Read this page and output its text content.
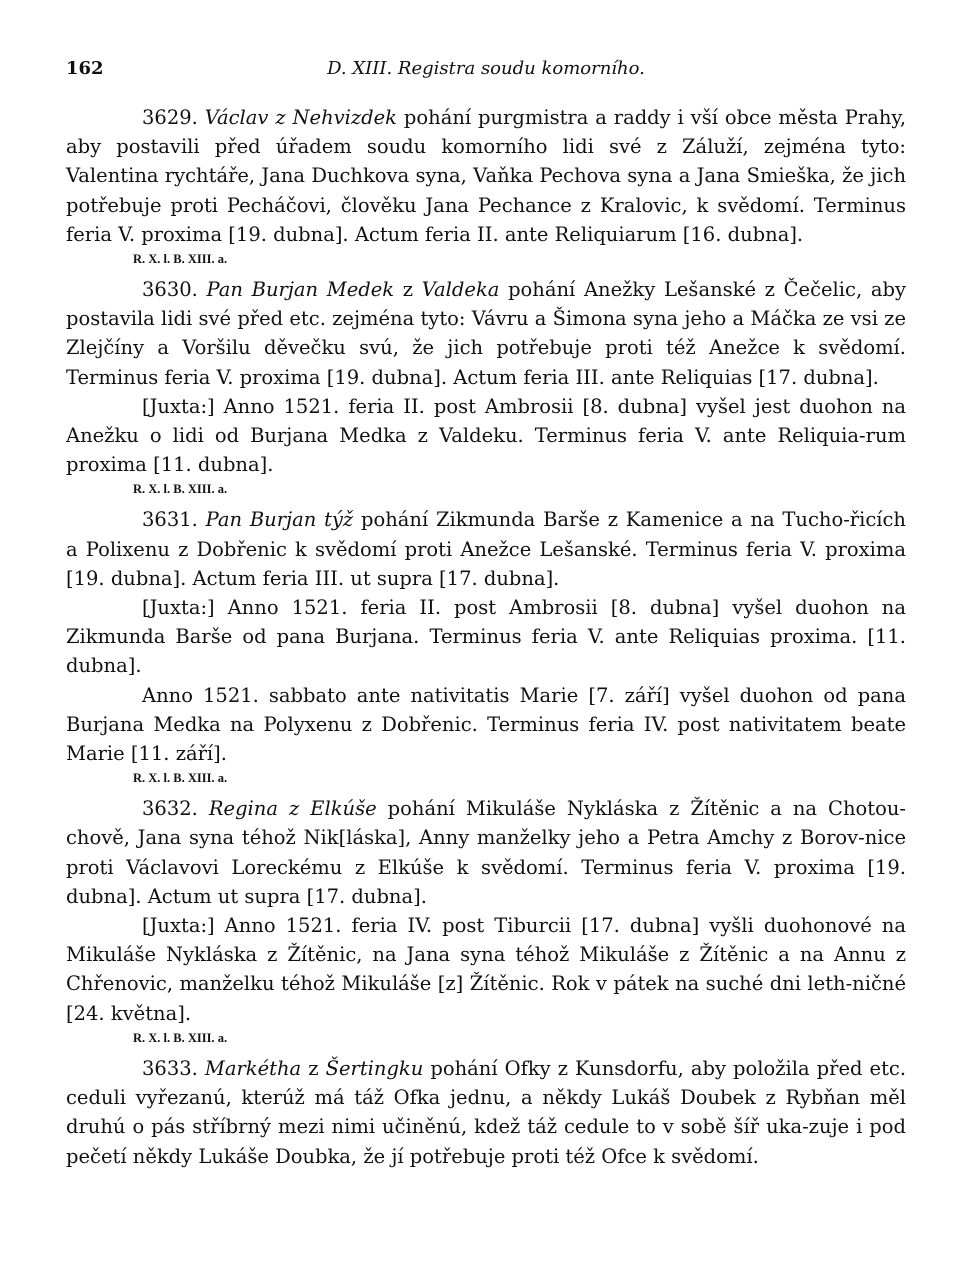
162	D. XIII. Registra soudu komorního.

3629. Václav z Nehvizdek pohání purgmistra a raddy i vší obce města Prahy, aby postavili před úřadem soudu komorního lidi své z Záluží, zejména tyto: Valentina rychtáře, Jana Duchkova syna, Vaňka Pechova syna a Jana Smieška, že jich potřebuje proti Pecháčovi, člověku Jana Pechance z Kralovic, k svědomí. Terminus feria V. proxima [19. dubna]. Actum feria II. ante Reliquiarum [16. dubna].

R. X. l. B. XIII. a.

3630. Pan Burjan Medek z Valdeka pohání Anežky Lešanské z Čečelic, aby postavila lidi své před etc. zejména tyto: Vávru a Šimona syna jeho a Máčka ze vsi ze Zlejčíny a Voršilu děvečku svú, že jich potřebuje proti též Anežce k svědomí. Terminus feria V. proxima [19. dubna]. Actum feria III. ante Reliquias [17. dubna].

[Juxta:] Anno 1521. feria II. post Ambrosii [8. dubna] vyšel jest duohon na Anežku o lidi od Burjana Medka z Valdeku. Terminus feria V. ante Reliquia-rum proxima [11. dubna].

R. X. l. B. XIII. a.

3631. Pan Burjan týž pohání Zikmunda Barše z Kamenice a na Tucho-řicích a Polixenu z Dobřenic k svědomí proti Anežce Lešanské. Terminus feria V. proxima [19. dubna]. Actum feria III. ut supra [17. dubna].

[Juxta:] Anno 1521. feria II. post Ambrosii [8. dubna] vyšel duohon na Zikmunda Barše od pana Burjana. Terminus feria V. ante Reliquias proxima. [11. dubna].

Anno 1521. sabbato ante nativitatis Marie [7. září] vyšel duohon od pana Burjana Medka na Polyxenu z Dobřenic. Terminus feria IV. post nativitatem beate Marie [11. září].

R. X. l. B. XIII. a.

3632. Regina z Elkúše pohání Mikuláše Nykláska z Žítěnic a na Chotou-chově, Jana syna téhož Nik[láska], Anny manželky jeho a Petra Amchy z Borov-nice proti Václavovi Loreckému z Elkúše k svědomí. Terminus feria V. proxima [19. dubna]. Actum ut supra [17. dubna].

[Juxta:] Anno 1521. feria IV. post Tiburcii [17. dubna] vyšli duohonové na Mikuláše Nykláska z Žítěnic, na Jana syna téhož Mikuláše z Žítěnic a na Annu z Chřenovic, manželku téhož Mikuláše [z] Žítěnic. Rok v pátek na suché dni leth-ničné [24. května].

R. X. l. B. XIII. a.

3633. Markétha z Šertingku pohání Ofky z Kunsdorfu, aby položila před etc. ceduli vyřezanú, kterúž má táž Ofka jednu, a někdy Lukáš Doubek z Rybňan měl druhú o pás stříbrný mezi nimi učiněnú, kdež táž cedule to v sobě šíř uka-zuje i pod pečetí někdy Lukáše Doubka, že jí potřebuje proti též Ofce k svědomí.
